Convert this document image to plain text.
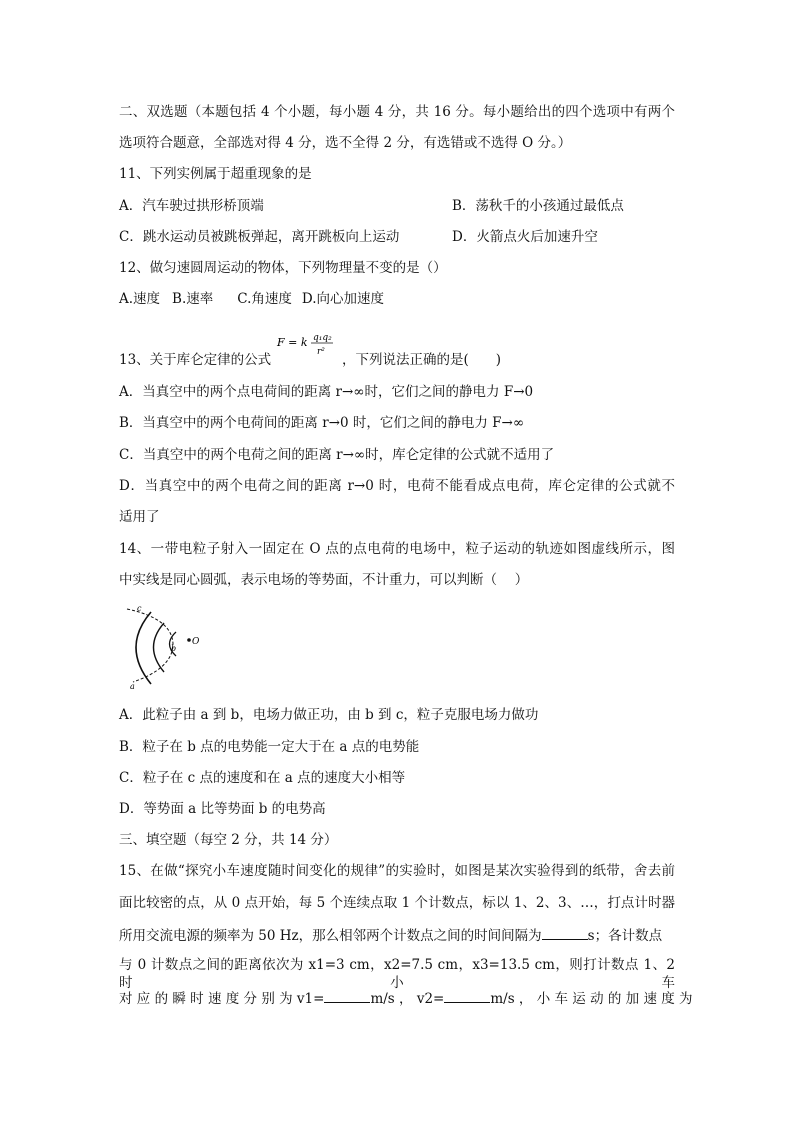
二、双选题（本题包括 4 个小题，每小题 4 分，共 16 分。每小题给出的四个选项中有两个
选项符合题意，全部选对得 4 分，选不全得 2 分，有选错或不选得 O 分。）
11、下列实例属于超重现象的是
A．汽车驶过拱形桥顶端	B．荡秋千的小孩通过最低点
C．跳水运动员被跳板弹起，离开跳板向上运动	D．火箭点火后加速升空
12、做匀速圆周运动的物体，下列物理量不变的是（）
A.速度 B.速率 C.角速度 D.向心加速度
13、关于库仑定律的公式
F = k q₁q₂
r² ，下列说法正确的是(　　)
A．当真空中的两个点电荷间的距离 r→∞时，它们之间的静电力 F→0
B．当真空中的两个电荷间的距离 r→0 时，它们之间的静电力 F→∞
C．当真空中的两个电荷之间的距离 r→∞时，库仑定律的公式就不适用了
D．当真空中的两个电荷之间的距离 r→0 时，电荷不能看成点电荷，库仑定律的公式就不
适用了
14、一带电粒子射入一固定在 O 点的点电荷的电场中，粒子运动的轨迹如图虚线所示，图
中实线是同心圆弧，表示电场的等势面，不计重力，可以判断（　 ）
O
c
b
a
A．此粒子由 a 到 b，电场力做正功，由 b 到 c，粒子克服电场力做功
B．粒子在 b 点的电势能一定大于在 a 点的电势能
C．粒子在 c 点的速度和在 a 点的速度大小相等
D．等势面 a 比等势面 b 的电势高
三、填空题（每空 2 分，共 14 分）
15、在做“探究小车速度随时间变化的规律”的实验时，如图是某次实验得到的纸带，舍去前
面比较密的点，从 0 点开始，每 5 个连续点取 1 个计数点，标以 1、2、3、…，打点计时器
所用交流电源的频率为 50 Hz，那么相邻两个计数点之间的时间间隔为	s；各计数点
与 0 计数点之间的距离依次为 x1=3 cm，x2=7.5 cm，x3=13.5 cm，则打计数点 1、2 时小车
对 应 的 瞬 时 速 度 分 别 为 v1=	m/s ， v2=	m/s ， 小 车 运 动 的 加 速 度 为
